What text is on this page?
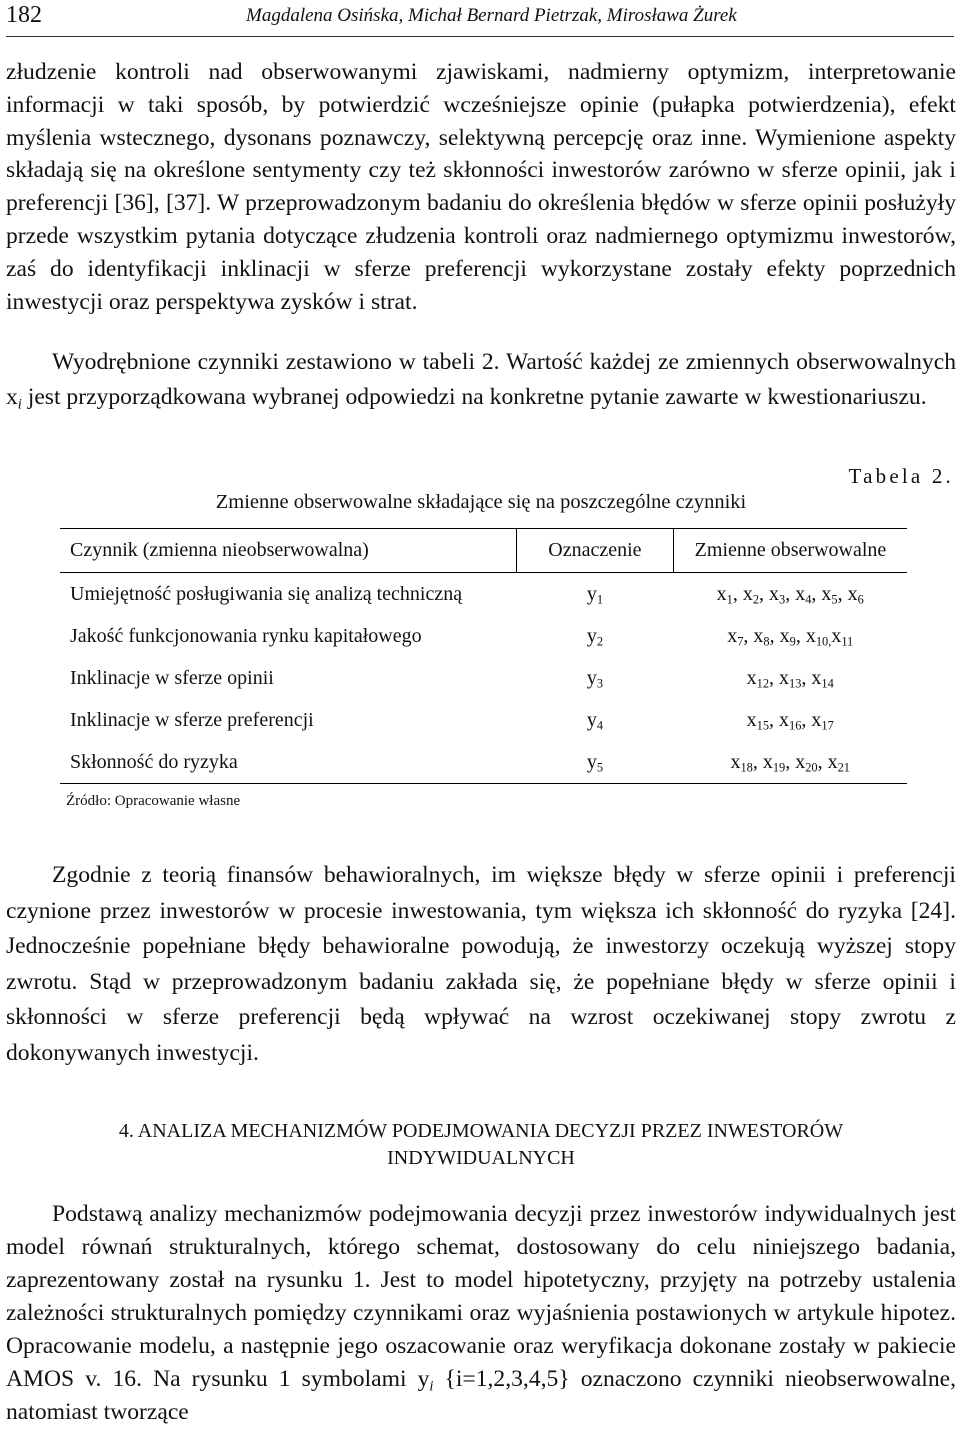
182	Magdalena Osińska, Michał Bernard Pietrzak, Mirosława Żurek

złudzenie kontroli nad obserwowanymi zjawiskami, nadmierny optymizm, interpretowanie informacji w taki sposób, by potwierdzić wcześniejsze opinie (pułapka potwierdzenia), efekt myślenia wstecznego, dysonans poznawczy, selektywną percepcję oraz inne. Wymienione aspekty składają się na określone sentymenty czy też skłonności inwestorów zarówno w sferze opinii, jak i preferencji [36], [37]. W przeprowadzonym badaniu do określenia błędów w sferze opinii posłużyły przede wszystkim pytania dotyczące złudzenia kontroli oraz nadmiernego optymizmu inwestorów, zaś do identyfikacji inklinacji w sferze preferencji wykorzystane zostały efekty poprzednich inwestycji oraz perspektywa zysków i strat.

Wyodrębnione czynniki zestawiono w tabeli 2. Wartość każdej ze zmiennych obserwowalnych $x_i$ jest przyporządkowana wybranej odpowiedzi na konkretne pytanie zawarte w kwestionariuszu.

Tabela 2.
Zmienne obserwowalne składające się na poszczególne czynniki
Czynnik (zmienna nieobserwowalna)	Oznaczenie	Zmienne obserwowalne
Umiejętność posługiwania się analizą techniczną	$y_1$	$x_1$, $x_2$, $x_3$, $x_4$, $x_5$, $x_6$
Jakość funkcjonowania rynku kapitałowego	$y_2$	$x_7$, $x_8$, $x_9$, $x_{10,}x_{11}$
Inklinacje w sferze opinii	$y_3$	$x_{12}$, $x_{13}$, $x_{14}$
Inklinacje w sferze preferencji	$y_4$	$x_{15}$, $x_{16}$, $x_{17}$
Skłonność do ryzyka	$y_5$	$x_{18}$, $x_{19}$, $x_{20}$, $x_{21}$
Źródło: Opracowanie własne

Zgodnie z teorią finansów behawioralnych, im większe błędy w sferze opinii i preferencji czynione przez inwestorów w procesie inwestowania, tym większa ich skłonność do ryzyka [24]. Jednocześnie popełniane błędy behawioralne powodują, że inwestorzy oczekują wyższej stopy zwrotu. Stąd w przeprowadzonym badaniu zakłada się, że popełniane błędy w sferze opinii i skłonności w sferze preferencji będą wpływać na wzrost oczekiwanej stopy zwrotu z dokonywanych inwestycji.

4. ANALIZA MECHANIZMÓW PODEJMOWANIA DECYZJI PRZEZ INWESTORÓW
INDYWIDUALNYCH

Podstawą analizy mechanizmów podejmowania decyzji przez inwestorów indywidualnych jest model równań strukturalnych, którego schemat, dostosowany do celu niniejszego badania, zaprezentowany został na rysunku 1. Jest to model hipotetyczny, przyjęty na potrzeby ustalenia zależności strukturalnych pomiędzy czynnikami oraz wyjaśnienia postawionych w artykule hipotez. Opracowanie modelu, a następnie jego oszacowanie oraz weryfikacja dokonane zostały w pakiecie AMOS v. 16. Na rysunku 1 symbolami $y_i$ {i=1,2,3,4,5} oznaczono czynniki nieobserwowalne, natomiast tworzące
